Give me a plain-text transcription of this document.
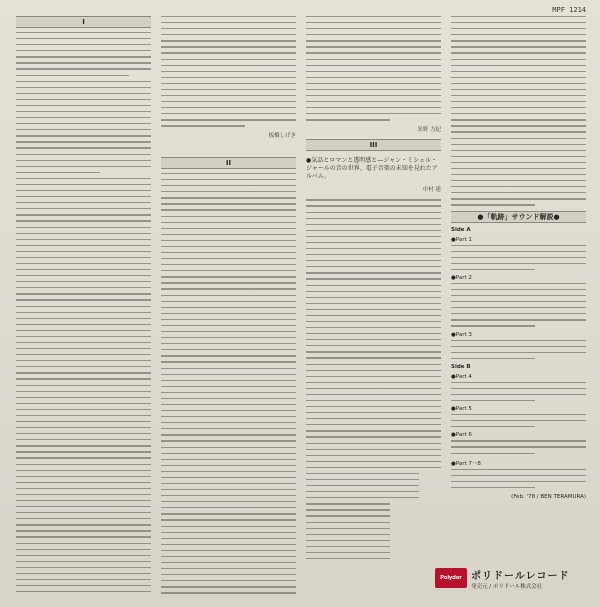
MPF 1214
I
板橋しげき
II
米野 力紀
III
●気品とロマンと透明感と―ジャン・ミシェル・ジャールの音の世界、電子音楽の未知を見れたアルバム。
中村 建
●「軌跡」サウンド解説●
Side A
●Part 1
●Part 2
●Part 3
Side B
●Part 4
●Part 5
●Part 6
●Part 7～8
(Feb. '78 / BEN TERAMURA)
Polydor ポリドールレコード
発売元 / ポリドール株式会社
